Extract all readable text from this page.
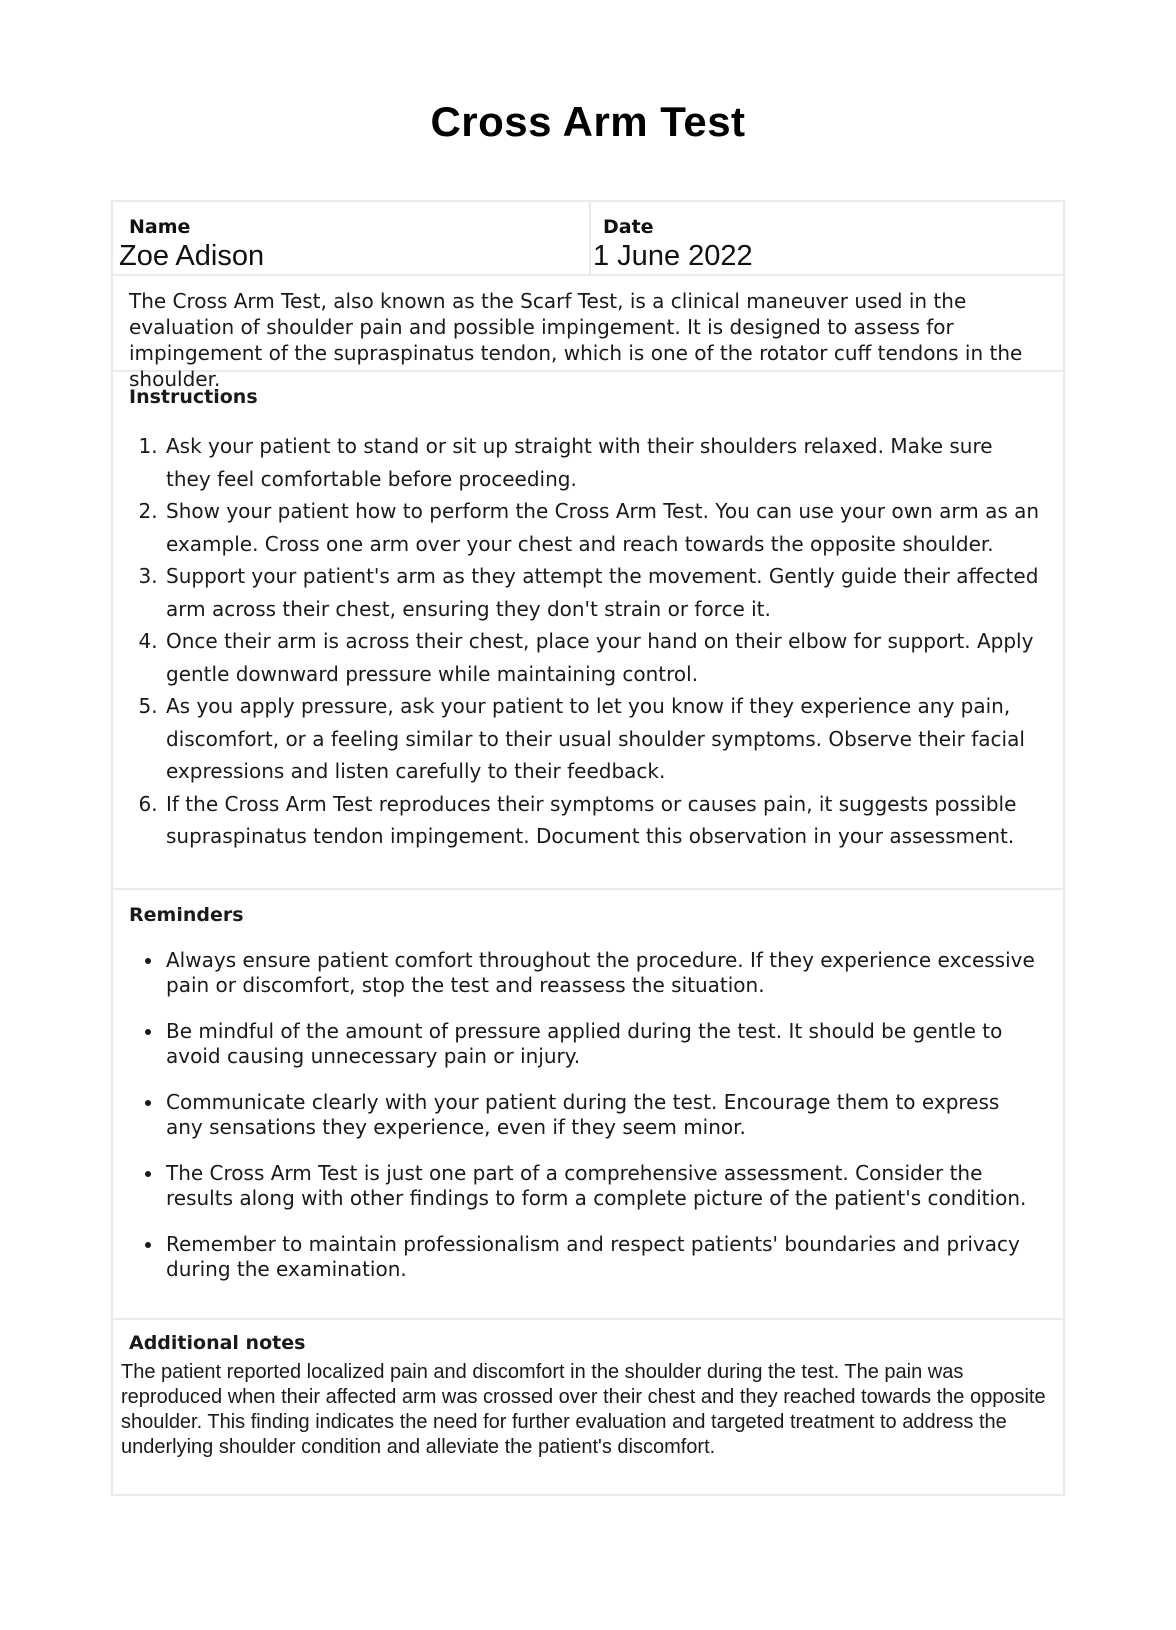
Cross Arm Test
Name
Zoe Adison
Date
1 June 2022
The Cross Arm Test, also known as the Scarf Test, is a clinical maneuver used in the evaluation of shoulder pain and possible impingement. It is designed to assess for impingement of the supraspinatus tendon, which is one of the rotator cuff tendons in the shoulder.
Instructions
1. Ask your patient to stand or sit up straight with their shoulders relaxed. Make sure they feel comfortable before proceeding.
2. Show your patient how to perform the Cross Arm Test. You can use your own arm as an example. Cross one arm over your chest and reach towards the opposite shoulder.
3. Support your patient's arm as they attempt the movement. Gently guide their affected arm across their chest, ensuring they don't strain or force it.
4. Once their arm is across their chest, place your hand on their elbow for support. Apply gentle downward pressure while maintaining control.
5. As you apply pressure, ask your patient to let you know if they experience any pain, discomfort, or a feeling similar to their usual shoulder symptoms. Observe their facial expressions and listen carefully to their feedback.
6. If the Cross Arm Test reproduces their symptoms or causes pain, it suggests possible supraspinatus tendon impingement. Document this observation in your assessment.
Reminders
• Always ensure patient comfort throughout the procedure. If they experience excessive pain or discomfort, stop the test and reassess the situation.
• Be mindful of the amount of pressure applied during the test. It should be gentle to avoid causing unnecessary pain or injury.
• Communicate clearly with your patient during the test. Encourage them to express any sensations they experience, even if they seem minor.
• The Cross Arm Test is just one part of a comprehensive assessment. Consider the results along with other findings to form a complete picture of the patient's condition.
• Remember to maintain professionalism and respect patients' boundaries and privacy during the examination.
Additional notes
The patient reported localized pain and discomfort in the shoulder during the test. The pain was reproduced when their affected arm was crossed over their chest and they reached towards the opposite shoulder. This finding indicates the need for further evaluation and targeted treatment to address the underlying shoulder condition and alleviate the patient's discomfort.
